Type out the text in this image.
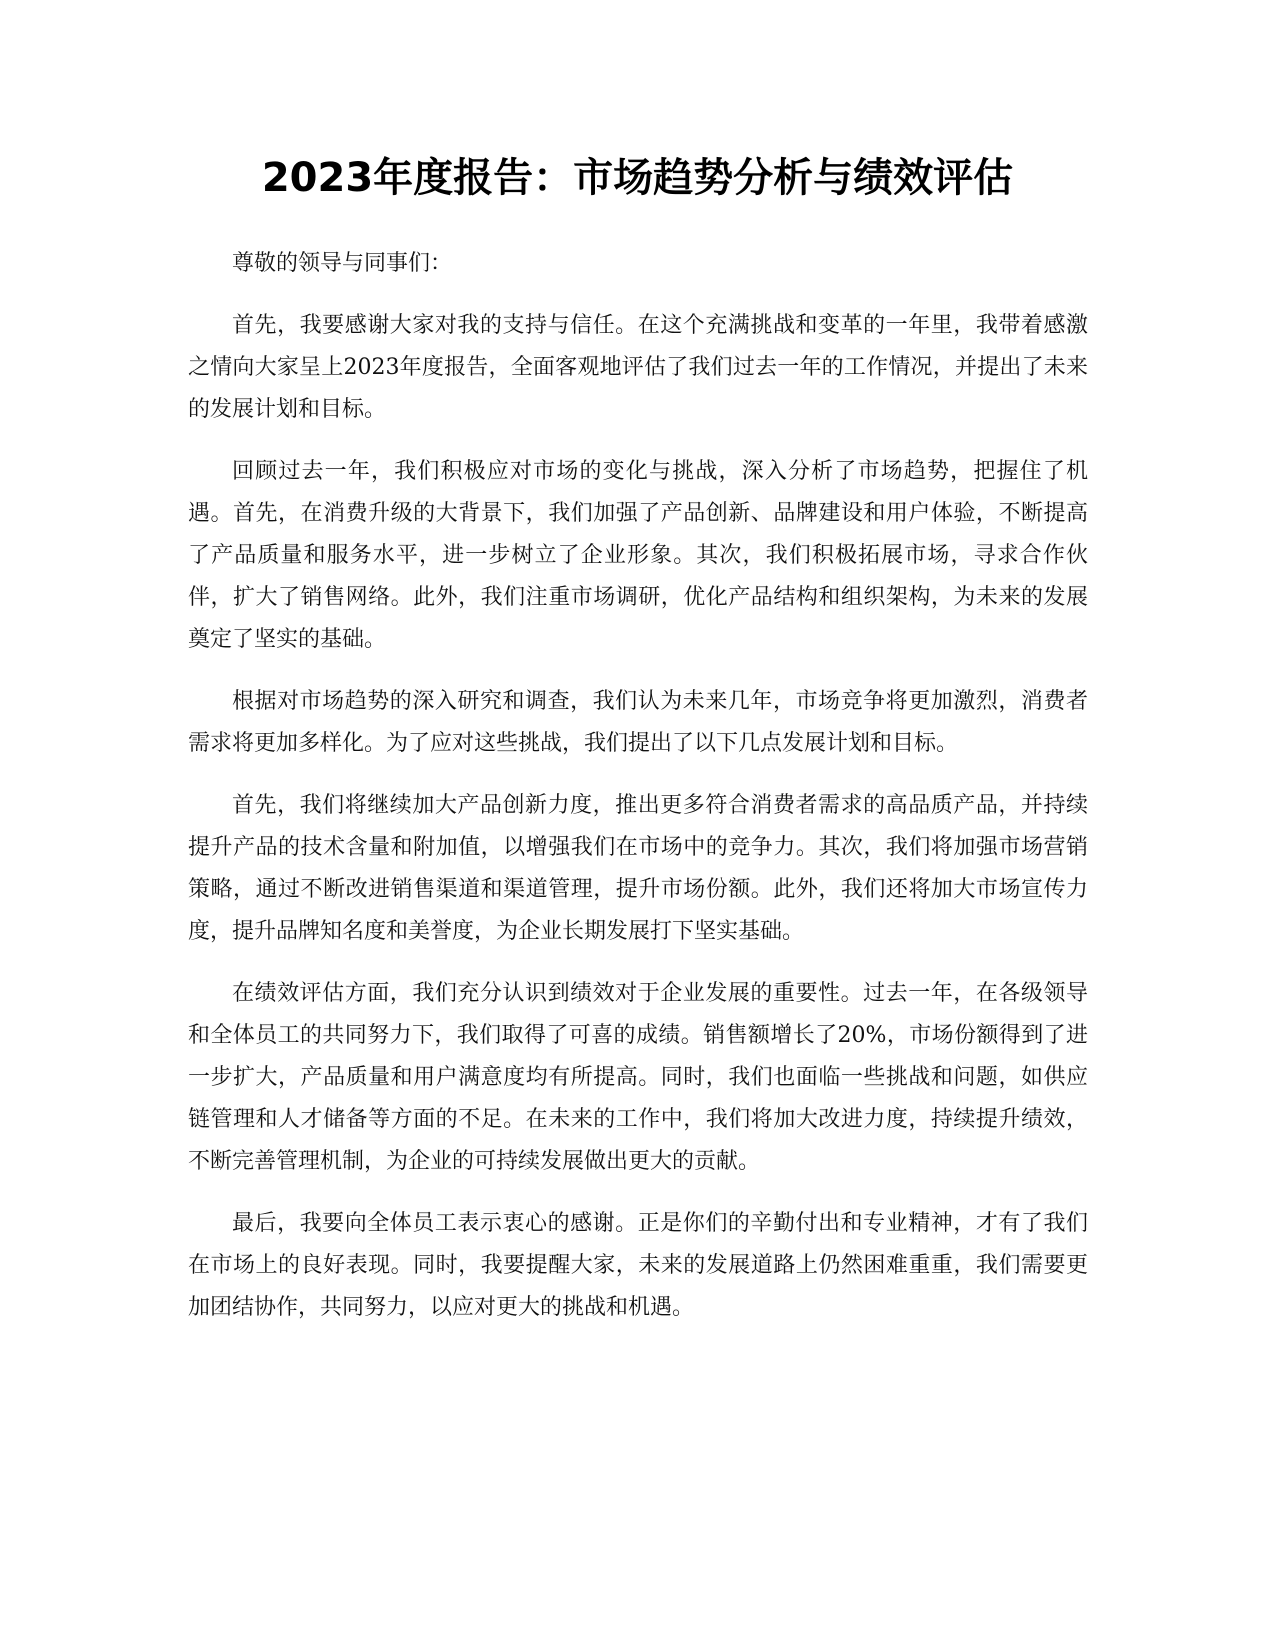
2023年度报告：市场趋势分析与绩效评估

尊敬的领导与同事们：

首先，我要感谢大家对我的支持与信任。在这个充满挑战和变革的一年里，我带着感激之情向大家呈上2023年度报告，全面客观地评估了我们过去一年的工作情况，并提出了未来的发展计划和目标。

回顾过去一年，我们积极应对市场的变化与挑战，深入分析了市场趋势，把握住了机遇。首先，在消费升级的大背景下，我们加强了产品创新、品牌建设和用户体验，不断提高了产品质量和服务水平，进一步树立了企业形象。其次，我们积极拓展市场，寻求合作伙伴，扩大了销售网络。此外，我们注重市场调研，优化产品结构和组织架构，为未来的发展奠定了坚实的基础。

根据对市场趋势的深入研究和调查，我们认为未来几年，市场竞争将更加激烈，消费者需求将更加多样化。为了应对这些挑战，我们提出了以下几点发展计划和目标。

首先，我们将继续加大产品创新力度，推出更多符合消费者需求的高品质产品，并持续提升产品的技术含量和附加值，以增强我们在市场中的竞争力。其次，我们将加强市场营销策略，通过不断改进销售渠道和渠道管理，提升市场份额。此外，我们还将加大市场宣传力度，提升品牌知名度和美誉度，为企业长期发展打下坚实基础。

在绩效评估方面，我们充分认识到绩效对于企业发展的重要性。过去一年，在各级领导和全体员工的共同努力下，我们取得了可喜的成绩。销售额增长了20%，市场份额得到了进一步扩大，产品质量和用户满意度均有所提高。同时，我们也面临一些挑战和问题，如供应链管理和人才储备等方面的不足。在未来的工作中，我们将加大改进力度，持续提升绩效，不断完善管理机制，为企业的可持续发展做出更大的贡献。

最后，我要向全体员工表示衷心的感谢。正是你们的辛勤付出和专业精神，才有了我们在市场上的良好表现。同时，我要提醒大家，未来的发展道路上仍然困难重重，我们需要更加团结协作，共同努力，以应对更大的挑战和机遇。
